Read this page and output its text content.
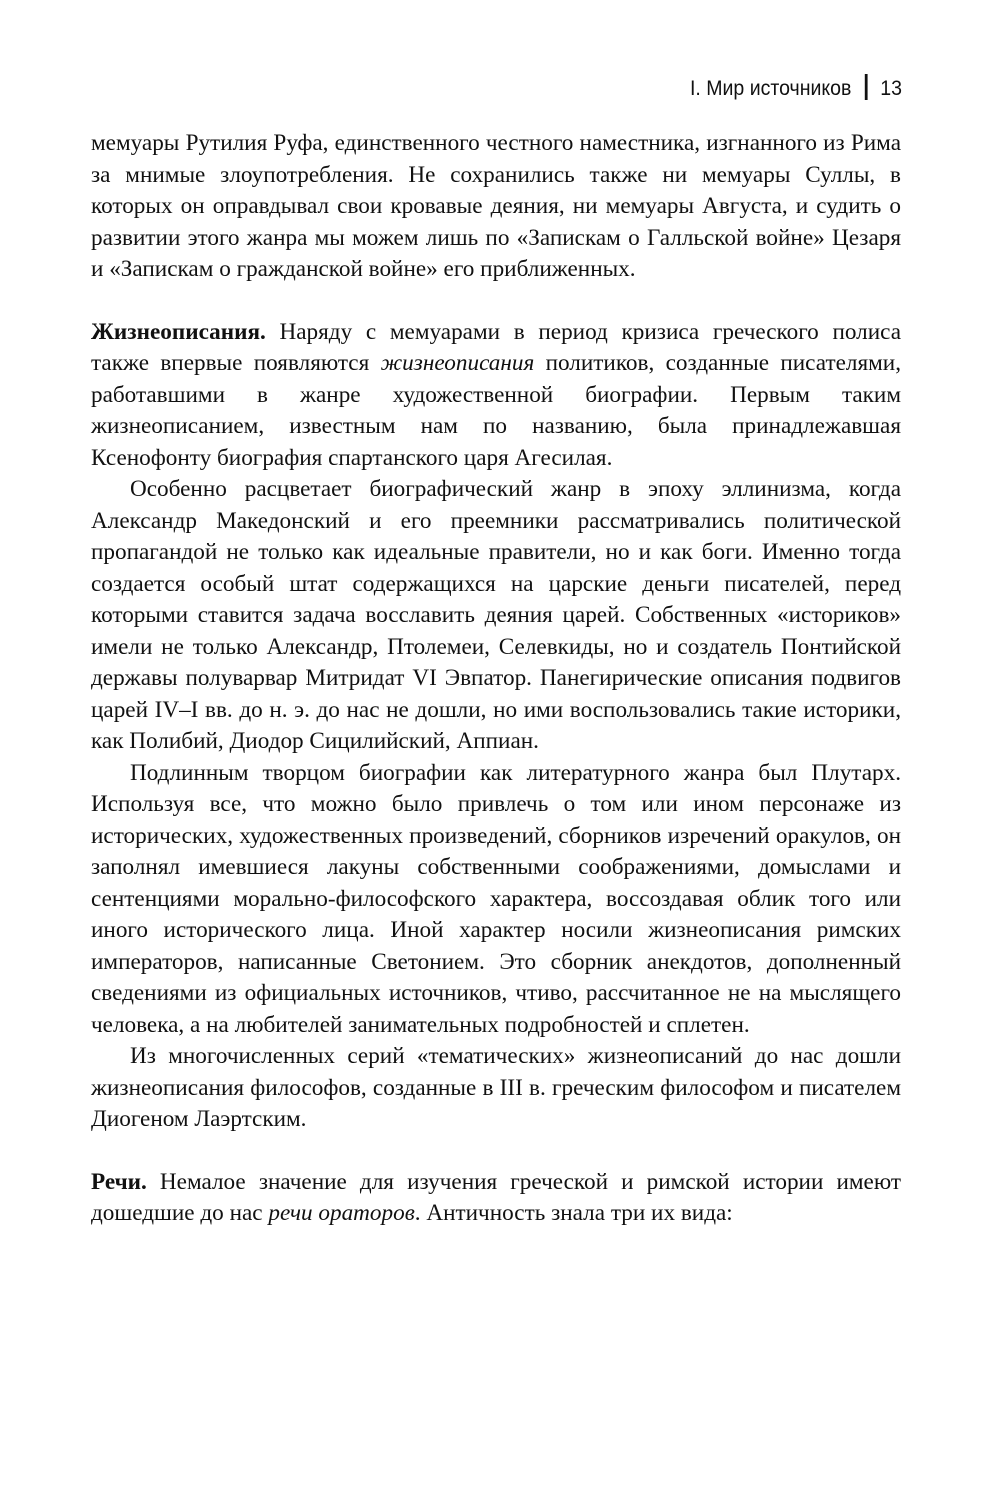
I. Мир источников 13

мемуары Рутилия Руфа, единственного честного наместника, изгнанного из Рима за мнимые злоупотребления. Не сохранились также ни мемуары Суллы, в которых он оправдывал свои кровавые деяния, ни мемуары Августа, и судить о развитии этого жанра мы можем лишь по «Запискам о Галльской войне» Цезаря и «Запискам о гражданской войне» его приближенных.

Жизнеописания. Наряду с мемуарами в период кризиса греческого полиса также впервые появляются жизнеописания политиков, созданные писателями, работавшими в жанре художественной биографии. Первым таким жизнеописанием, известным нам по названию, была принадлежавшая Ксенофонту биография спартанского царя Агесилая.

Особенно расцветает биографический жанр в эпоху эллинизма, когда Александр Македонский и его преемники рассматривались политической пропагандой не только как идеальные правители, но и как боги. Именно тогда создается особый штат содержащихся на царские деньги писателей, перед которыми ставится задача восславить деяния царей. Собственных «историков» имели не только Александр, Птолемеи, Селевкиды, но и создатель Понтийской державы полуварвар Митридат VI Эвпатор. Панегирические описания подвигов царей IV–I вв. до н. э. до нас не дошли, но ими воспользовались такие историки, как Полибий, Диодор Сицилийский, Аппиан.

Подлинным творцом биографии как литературного жанра был Плутарх. Используя все, что можно было привлечь о том или ином персонаже из исторических, художественных произведений, сборников изречений оракулов, он заполнял имевшиеся лакуны собственными соображениями, домыслами и сентенциями морально-философского характера, воссоздавая облик того или иного исторического лица. Иной характер носили жизнеописания римских императоров, написанные Светонием. Это сборник анекдотов, дополненный сведениями из официальных источников, чтиво, рассчитанное не на мыслящего человека, а на любителей занимательных подробностей и сплетен.

Из многочисленных серий «тематических» жизнеописаний до нас дошли жизнеописания философов, созданные в III в. греческим философом и писателем Диогеном Лаэртским.

Речи. Немалое значение для изучения греческой и римской истории имеют дошедшие до нас речи ораторов. Античность знала три их вида:
